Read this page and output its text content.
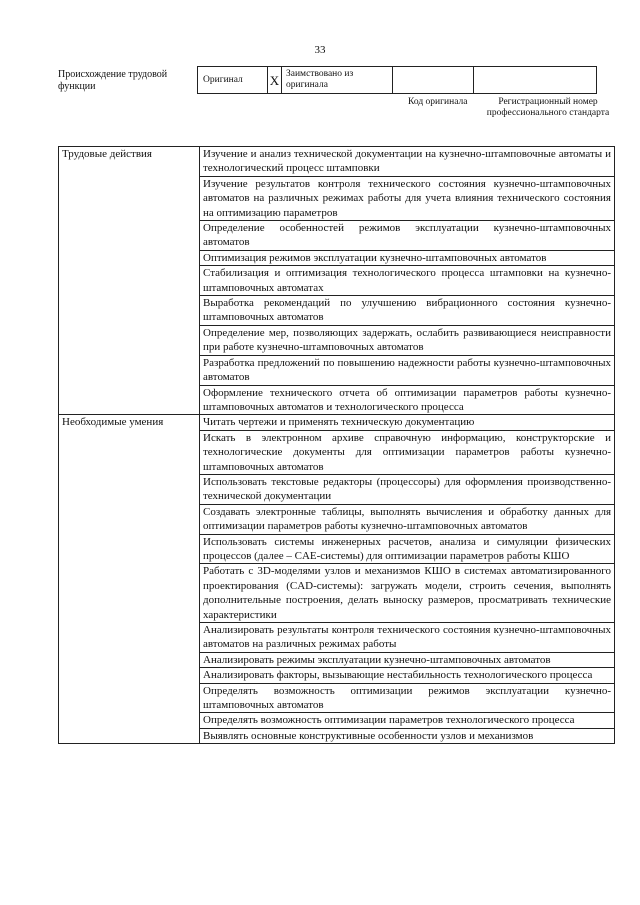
33
Происхождение трудовой функции
Оригинал	X	Заимствовано из оригинала		
Код оригинала	Регистрационный номер профессионального стандарта
Трудовые действия	Изучение и анализ технической документации на кузнечно-штамповочные автоматы и технологический процесс штамповки
	Изучение результатов контроля технического состояния кузнечно-штамповочных автоматов на различных режимах работы для учета влияния технического состояния на оптимизацию параметров
	Определение особенностей режимов эксплуатации кузнечно-штамповочных автоматов
	Оптимизация режимов эксплуатации кузнечно-штамповочных автоматов
	Стабилизация и оптимизация технологического процесса штамповки на кузнечно-штамповочных автоматах
	Выработка рекомендаций по улучшению вибрационного состояния кузнечно-штамповочных автоматов
	Определение мер, позволяющих задержать, ослабить развивающиеся неисправности при работе кузнечно-штамповочных автоматов
	Разработка предложений по повышению надежности работы кузнечно-штамповочных автоматов
	Оформление технического отчета об оптимизации параметров работы кузнечно-штамповочных автоматов и технологического процесса
Необходимые умения	Читать чертежи и применять техническую документацию
	Искать в электронном архиве справочную информацию, конструкторские и технологические документы для оптимизации параметров работы кузнечно-штамповочных автоматов
	Использовать текстовые редакторы (процессоры) для оформления производственно-технической документации
	Создавать электронные таблицы, выполнять вычисления и обработку данных для оптимизации параметров работы кузнечно-штамповочных автоматов
	Использовать системы инженерных расчетов, анализа и симуляции физических процессов (далее – CAE-системы) для оптимизации параметров работы КШО
	Работать с 3D-моделями узлов и механизмов КШО в системах автоматизированного проектирования (CAD-системы): загружать модели, строить сечения, выполнять дополнительные построения, делать выноску размеров, просматривать технические характеристики
	Анализировать результаты контроля технического состояния кузнечно-штамповочных автоматов на различных режимах работы
	Анализировать режимы эксплуатации кузнечно-штамповочных автоматов
	Анализировать факторы, вызывающие нестабильность технологического процесса
	Определять возможность оптимизации режимов эксплуатации кузнечно-штамповочных автоматов
	Определять возможность оптимизации параметров технологического процесса
	Выявлять основные конструктивные особенности узлов и механизмов
